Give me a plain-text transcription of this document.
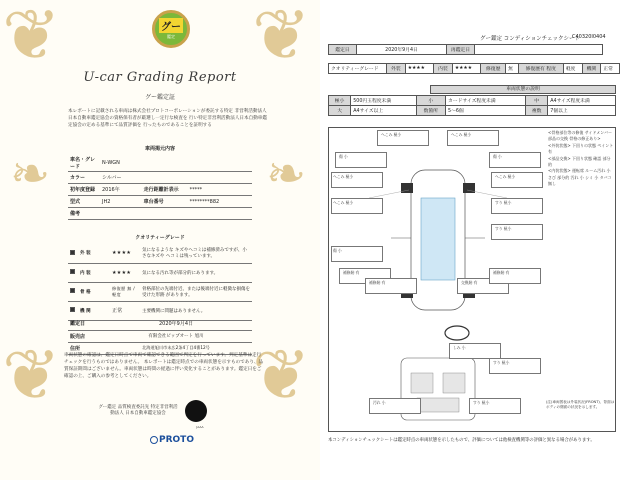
❦	❦
❦	❦
❧	❧
グー
鑑定
U-car Grading Report
グー鑑定証
本レポートに記載される車両は株式会社プロトコーポレーションが委託する特定 非営利活動法人日本自動車鑑定協会の資格保有者が厳選し一定行な検査を 行い特定非営利活動法人日本自動車鑑定協会の定める基準にて品質評価を 行ったものであることを証明する
車両掲元内容
車名・グレード	N-WGN		
カラー	シルバー		
初年度登録	2016年	走行距離計表示	*****
型式	JH2	車台番号	********882
備考			
クオリティーグレード
	外 装	★★★★	気になるような キズやヘコミは補修済みですが、小さなキズや ヘコミは残っています。
	内 装	★★★★	気になる汚れ等が部分的にあります。
	骨 格	修復歴 無 / 軽度	骨格部位の先端付近、または後端付近に軽微な損傷を受けた形跡 があります。
	機 関	正常	主要機関に問題はありません。
鑑定日	2020年9月4日
販売店	有限会社ピップオート 旭川
住所	北海道旭川市末広2条4丁目4番12号
車両状態の確認は、鑑定日時点で車両で確認できる範囲で判定を行っています。判定基準は走行チェックを行うものではありません。 本レポートは鑑定時点での車両状態を示すものであり、品質保証期間はございません。車両状態は時間の経過に伴い変化することがあります。鑑定日をご確認の上、ご購入の参考としてください。
グー鑑定 品質検査委託先 特定非営利活動法人 日本自動車鑑定協会
JAAA
PROTO
グー鑑定 コンディションチェックシート
C40320I0404
鑑定日	2020年9月4日	再鑑定日	
クオリティーグレード	外装	★★★★	内装	★★★★	修復歴	無	修復歴有 程度	軽度	機関	正常
車両状態の説明
極小	500円玉程度未満	小	カードサイズ程度未満	中	A4サイズ程度未満
大	A4サイズ以上	数箇所	5〜6個	複数	7個以上
へこみ 極小	へこみ 極小
傷 小	傷 小
へこみ 極小	へこみ 極小
へこみ 極小	すり 極小
すり 極小
傷 小
補修跡 有
補修跡 有	交換跡 有
補修跡 有
しみ 小
すり 極小
汚れ 小	すり 極小
<骨格部位等の修復 サイドメンバー 部品の交換 骨格の修正あり>
<外装状態> 下回りの状態 ペイント 有
<部品交換> 下回り状態 確認 部分的
<内装状態> 運転席 ルーム汚れ 小
さび 部分的 汚れ 小 シミ 小 タバコ 無し
(注)車両図表は外装状況(FRONT)、背面はボディの側面の状況を示します。
本コンディションチェックシートは鑑定時点の車両状態を示したもので、評価については他検査機関等の評価と異なる場合があります。
